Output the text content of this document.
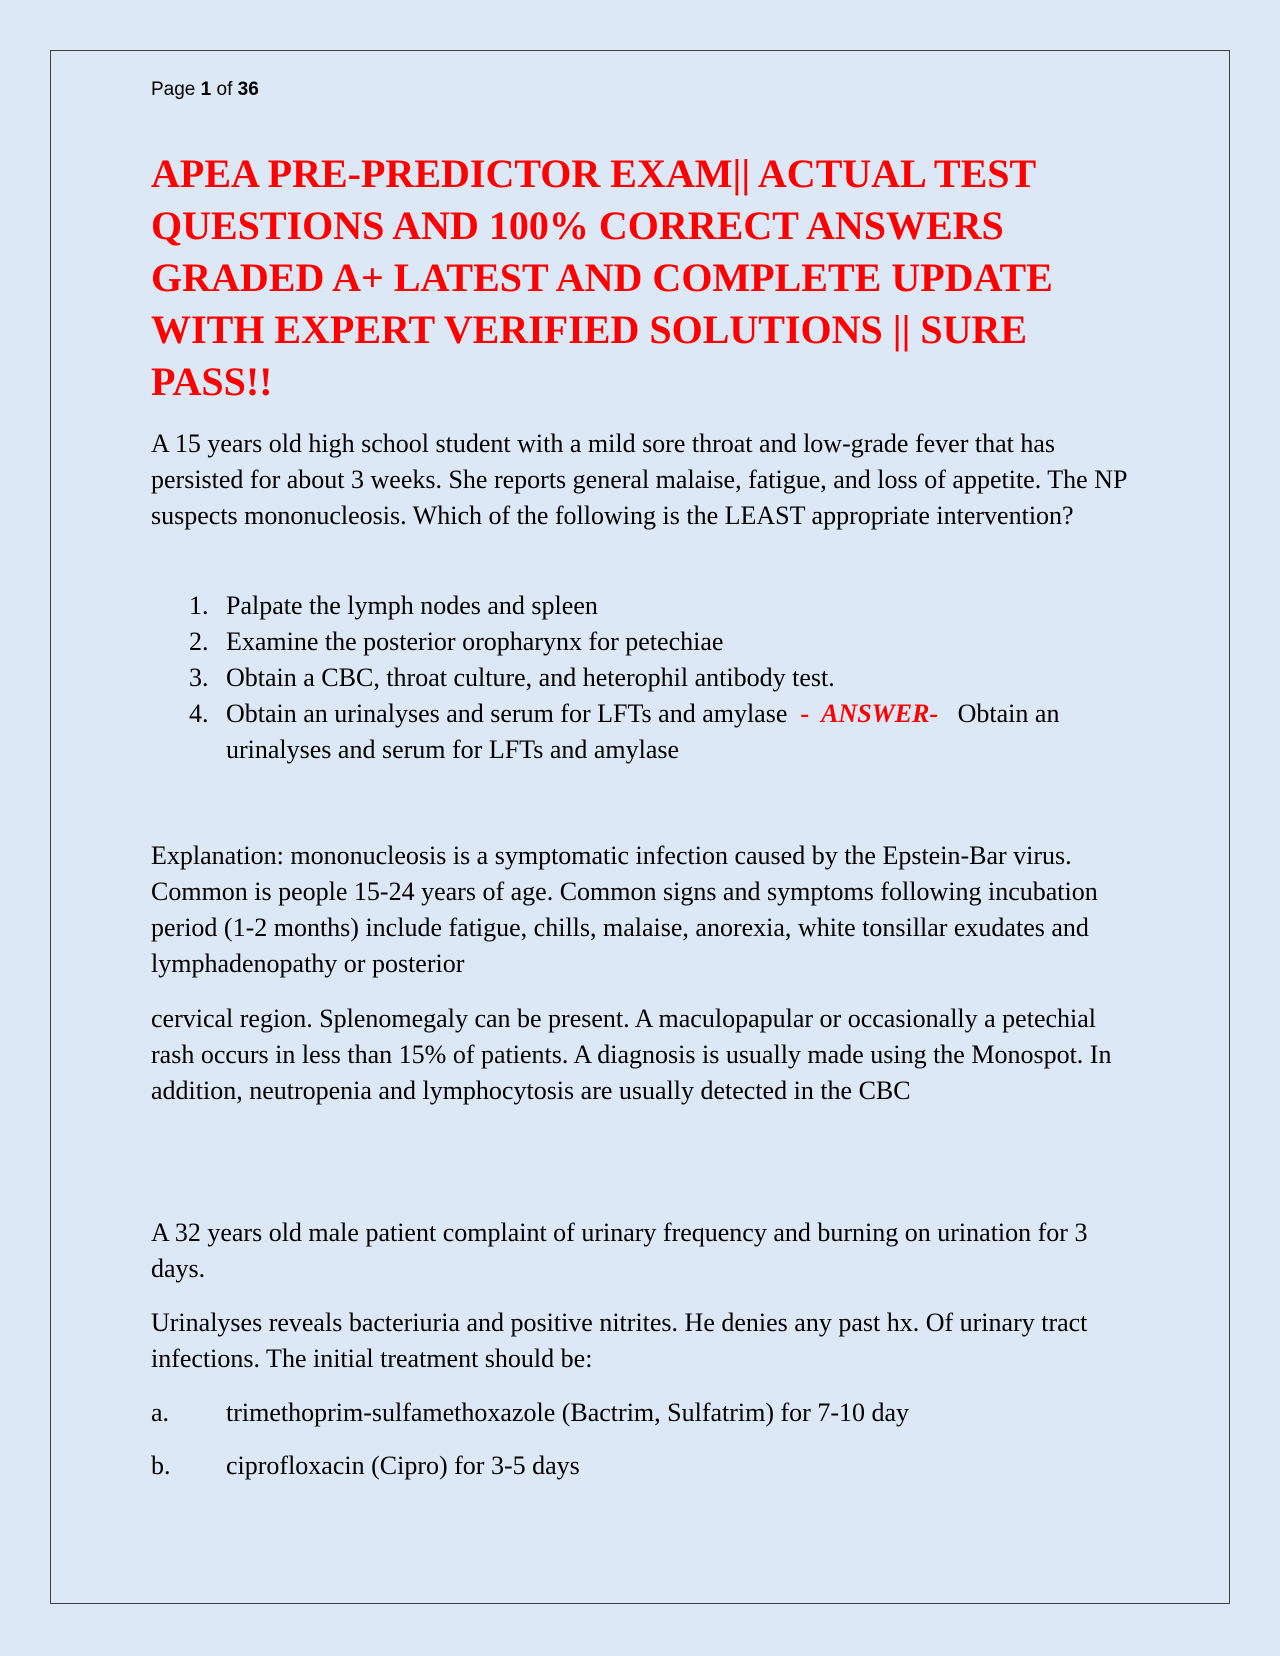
Page 1 of 36
APEA PRE-PREDICTOR EXAM|| ACTUAL TEST QUESTIONS AND 100% CORRECT ANSWERS GRADED A+ LATEST AND COMPLETE UPDATE WITH EXPERT VERIFIED SOLUTIONS || SURE PASS!!

A 15 years old high school student with a mild sore throat and low-grade fever that has persisted for about 3 weeks. She reports general malaise, fatigue, and loss of appetite. The NP suspects mononucleosis. Which of the following is the LEAST appropriate intervention?

1. Palpate the lymph nodes and spleen
2. Examine the posterior oropharynx for petechiae
3. Obtain a CBC, throat culture, and heterophil antibody test.
4. Obtain an urinalyses and serum for LFTs and amylase - ANSWER- Obtain an urinalyses and serum for LFTs and amylase

Explanation: mononucleosis is a symptomatic infection caused by the Epstein-Bar virus. Common is people 15-24 years of age. Common signs and symptoms following incubation period (1-2 months) include fatigue, chills, malaise, anorexia, white tonsillar exudates and lymphadenopathy or posterior

cervical region. Splenomegaly can be present. A maculopapular or occasionally a petechial rash occurs in less than 15% of patients. A diagnosis is usually made using the Monospot. In addition, neutropenia and lymphocytosis are usually detected in the CBC

A 32 years old male patient complaint of urinary frequency and burning on urination for 3 days.

Urinalyses reveals bacteriuria and positive nitrites. He denies any past hx. Of urinary tract infections. The initial treatment should be:

a. trimethoprim-sulfamethoxazole (Bactrim, Sulfatrim) for 7-10 day
b. ciprofloxacin (Cipro) for 3-5 days
